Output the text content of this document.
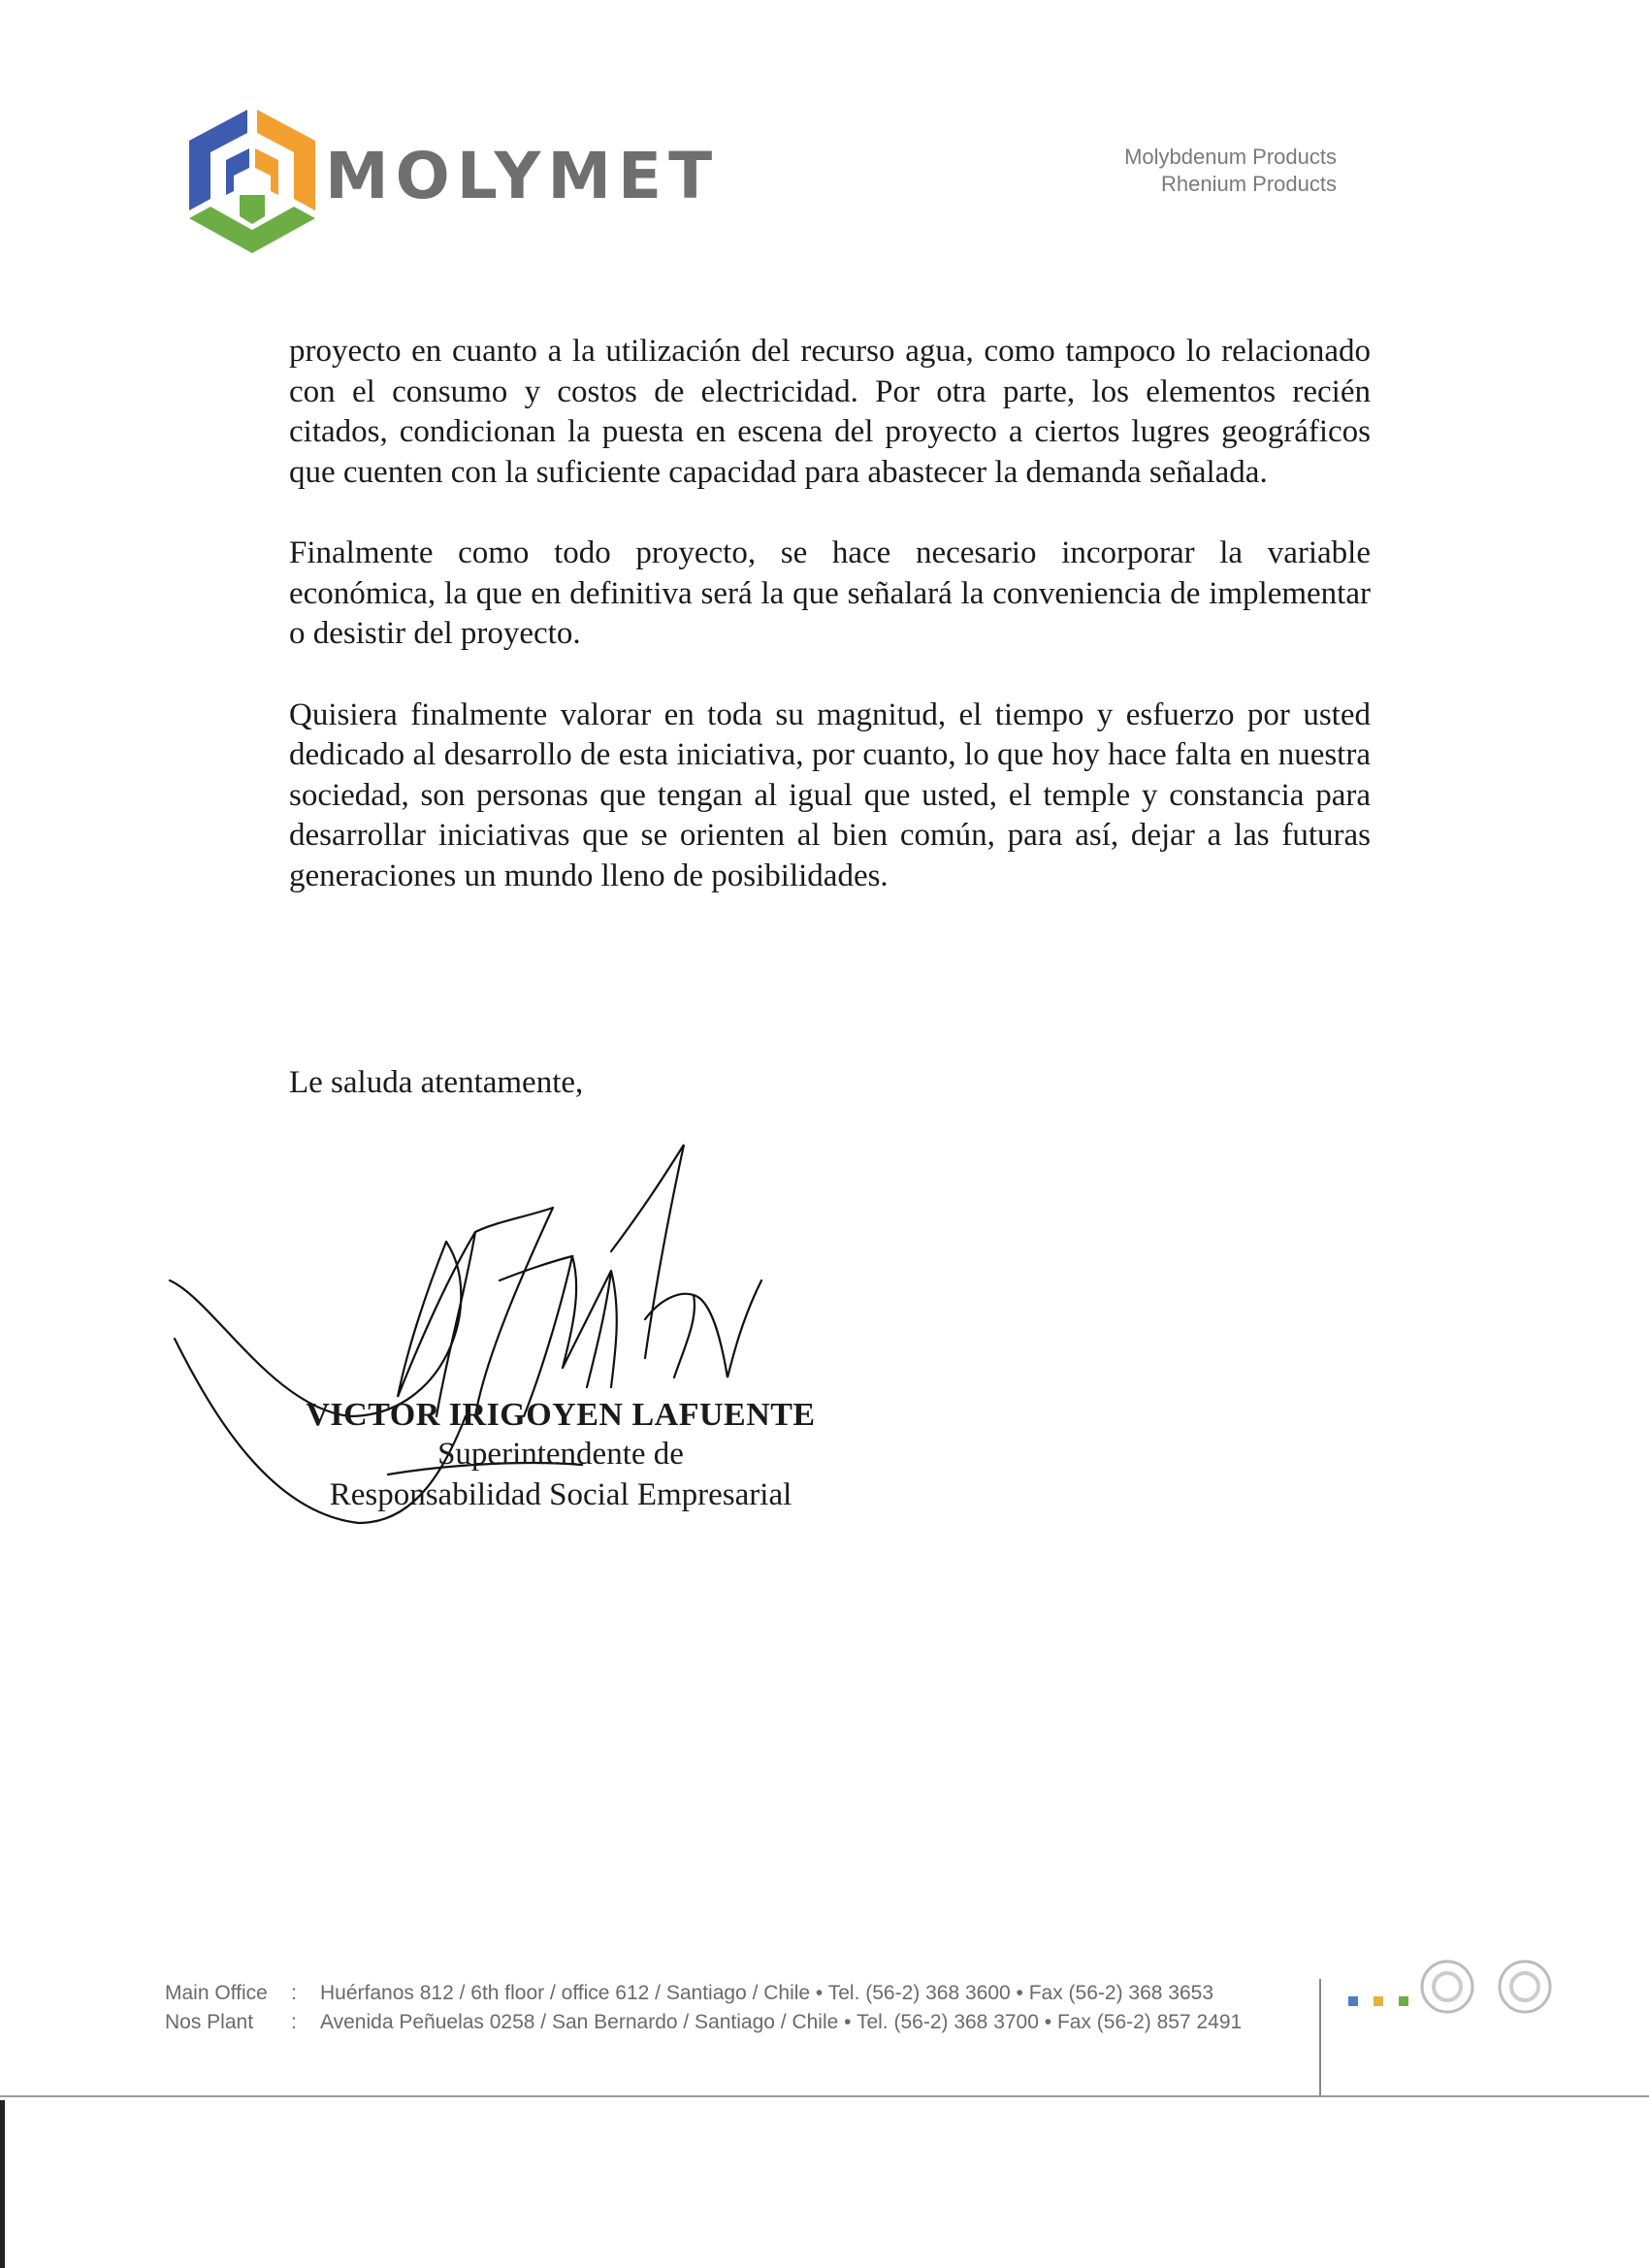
MOLYMET	Molybdenum Products
Rhenium Products

proyecto en cuanto a la utilización del recurso agua, como tampoco lo relacionado con el consumo y costos de electricidad. Por otra parte, los elementos recién citados, condicionan la puesta en escena del proyecto a ciertos lugres geográficos que cuenten con la suficiente capacidad para abastecer la demanda señalada.

Finalmente como todo proyecto, se hace necesario incorporar la variable económica, la que en definitiva será la que señalará la conveniencia de implementar o desistir del proyecto.

Quisiera finalmente valorar en toda su magnitud, el tiempo y esfuerzo por usted dedicado al desarrollo de esta iniciativa, por cuanto, lo que hoy hace falta en nuestra sociedad, son personas que tengan al igual que usted, el temple y constancia para desarrollar iniciativas que se orienten al bien común, para así, dejar a las futuras generaciones un mundo lleno de posibilidades.

Le saluda atentamente,
VICTOR IRIGOYEN LAFUENTE
Superintendente de
Responsabilidad Social Empresarial
Main Office : Huérfanos 812 / 6th floor / office 612 / Santiago / Chile • Tel. (56-2) 368 3600 • Fax (56-2) 368 3653
Nos Plant : Avenida Peñuelas 0258 / San Bernardo / Santiago / Chile • Tel. (56-2) 368 3700 • Fax (56-2) 857 2491
